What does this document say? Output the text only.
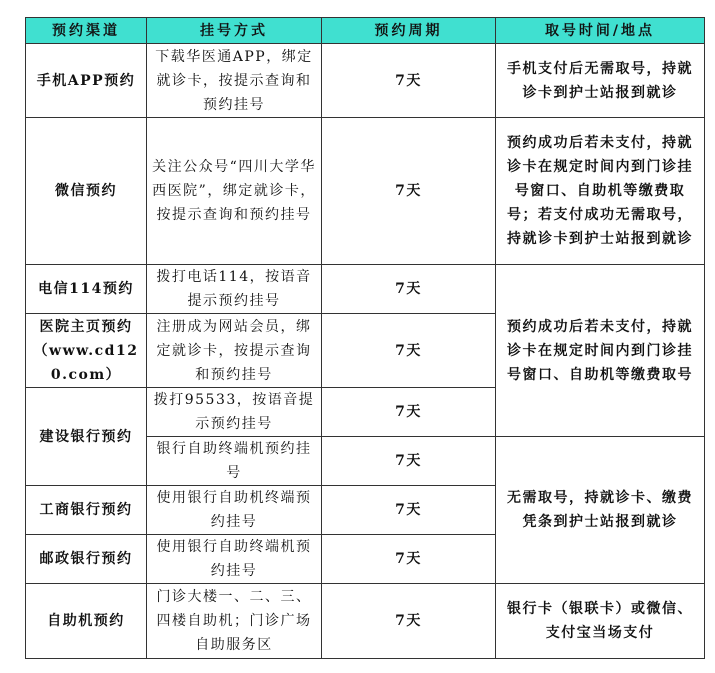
预约渠道	挂号方式	预约周期	取号时间/地点
手机APP预约	下载华医通APP，绑定就诊卡，按提示查询和预约挂号	7天	手机支付后无需取号，持就诊卡到护士站报到就诊
微信预约	关注公众号“四川大学华西医院”，绑定就诊卡，按提示查询和预约挂号	7天	预约成功后若未支付，持就诊卡在规定时间内到门诊挂号窗口、自助机等缴费取号；若支付成功无需取号，持就诊卡到护士站报到就诊
电信114预约	拨打电话114，按语音提示预约挂号	7天	预约成功后若未支付，持就诊卡在规定时间内到门诊挂号窗口、自助机等缴费取号
医院主页预约（www.cd120.com）	注册成为网站会员，绑定就诊卡，按提示查询和预约挂号	7天	
建设银行预约	拨打95533，按语音提示预约挂号	7天	
	银行自助终端机预约挂号	7天	无需取号，持就诊卡、缴费凭条到护士站报到就诊
工商银行预约	使用银行自助机终端预约挂号	7天	
邮政银行预约	使用银行自助终端机预约挂号	7天	
自助机预约	门诊大楼一、二、三、四楼自助机；门诊广场自助服务区	7天	银行卡（银联卡）或微信、支付宝当场支付
